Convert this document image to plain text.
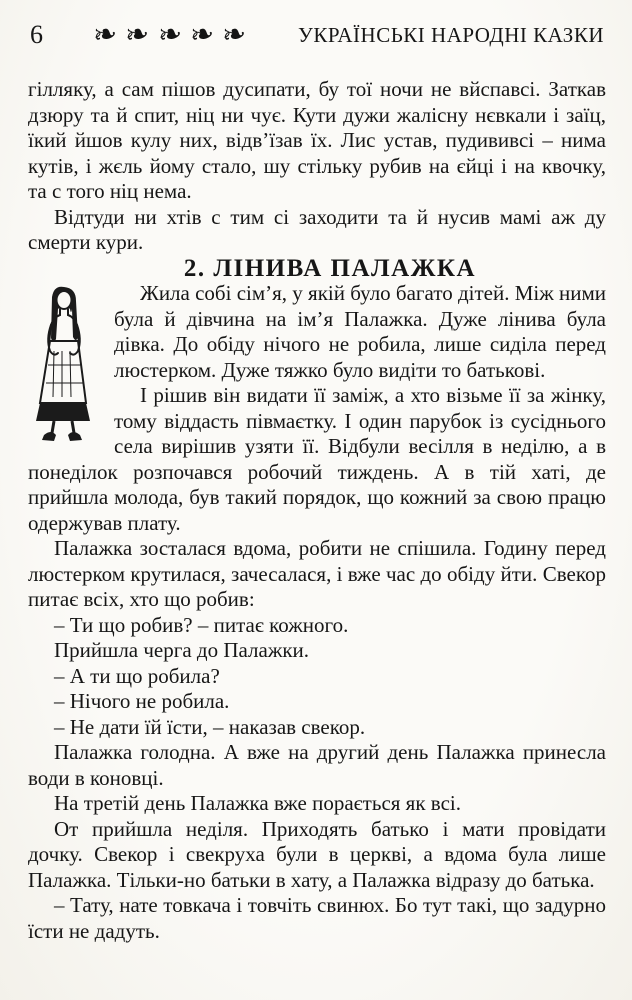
6 ❧ ❧ ❧ ❧ ❧ УКРАЇНСЬКІ НАРОДНІ КАЗКИ

гілляку, а сам пішов дусипати, бу тої ночи не вйспавсі. Заткав дзюру та й спит, ніц ни чує. Кути дужи жалісну нєвкали і заїц, їкий йшов кулу них, відв’їзав їх. Лис устав, пудививсі – нима кутів, і жєль йому стало, шу стільку рубив на єйці і на квочку, та с того ніц нема.

Відтуди ни хтів с тим сі заходити та й нусив мамі аж ду смерти кури.

2. ЛІНИВА ПАЛАЖКА

Жила собі сім’я, у якій було багато дітей. Між ними була й дівчина на ім’я Палажка. Дуже лінива була дівка. До обіду нічого не робила, лише сиділа перед люстерком. Дуже тяжко було видіти то батькові.

І рішив він видати її заміж, а хто візьме її за жінку, тому віддасть півмаєтку. І один парубок із сусіднього села вирішив узяти її. Відбули весілля в неділю, а в понеділок розпочався робочий тиждень. А в тій хаті, де прийшла молода, був такий порядок, що кожний за свою працю одержував плату.

Палажка зосталася вдома, робити не спішила. Годину перед люстерком крутилася, зачесалася, і вже час до обіду йти. Свекор питає всіх, хто що робив:

– Ти що робив? – питає кожного.

Прийшла черга до Палажки.

– А ти що робила?

– Нічого не робила.

– Не дати їй їсти, – наказав свекор.

Палажка голодна. А вже на другий день Палажка принесла води в коновці.

На третій день Палажка вже порається як всі.

От прийшла неділя. Приходять батько і мати провідати дочку. Свекор і свекруха були в церкві, а вдома була лише Палажка. Тільки-но батьки в хату, а Палажка відразу до батька.

– Тату, нате товкача і товчіть свинюх. Бо тут такі, що задурно їсти не дадуть.
